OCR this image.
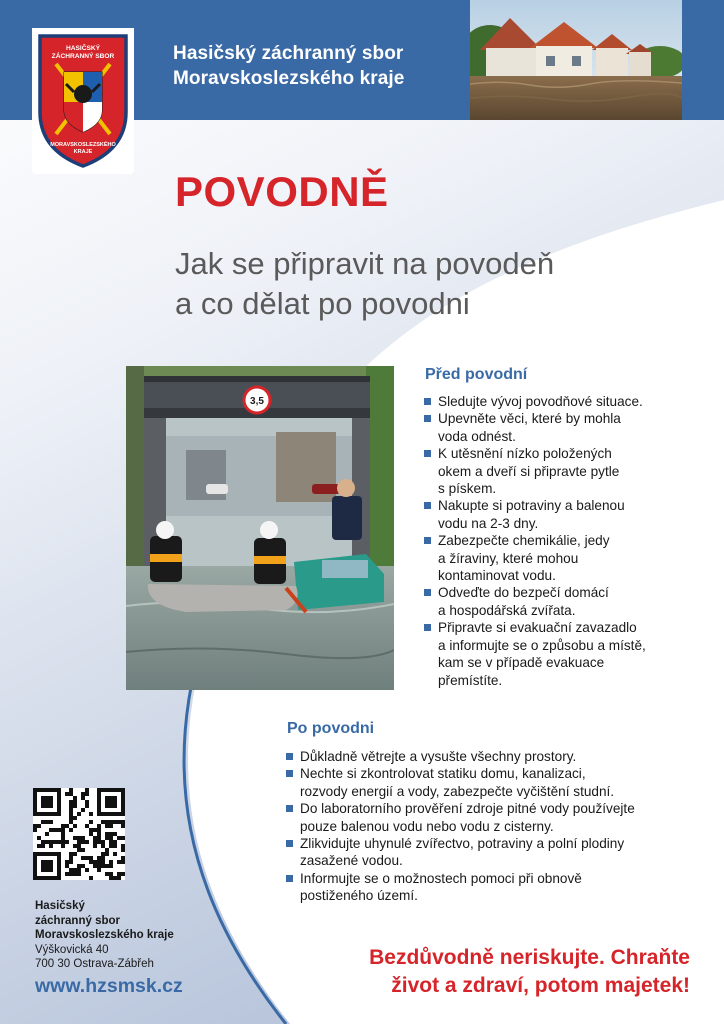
Hasičský záchranný sbor
Moravskoslezského kraje
HASIČSKÝ
ZÁCHRANNÝ SBOR
MORAVSKOSLEZSKÉHO
KRAJE
POVODNĚ
Jak se připravit na povodeň
a co dělat po povodni
3,5
Před povodní
Sledujte vývoj povodňové situace.
Upevněte věci, které by mohla
voda odnést.
K utěsnění nízko položených
okem a dveří si připravte pytle
s pískem.
Nakupte si potraviny a balenou
vodu na 2-3 dny.
Zabezpečte chemikálie, jedy
a žíraviny, které mohou
kontaminovat vodu.
Odveďte do bezpečí domácí
a hospodářská zvířata.
Připravte si evakuační zavazadlo
a informujte se o způsobu a místě,
kam se v případě evakuace
přemístíte.
Po povodni
Důkladně větrejte a vysušte všechny prostory.
Nechte si zkontrolovat statiku domu, kanalizaci,
rozvody energií a vody, zabezpečte vyčištění studní.
Do laboratorního prověření zdroje pitné vody používejte
pouze balenou vodu nebo vodu z cisterny.
Zlikvidujte uhynulé zvířectvo, potraviny a polní plodiny
zasažené vodou.
Informujte se o možnostech pomoci při obnově
postiženého území.
Hasičský
záchranný sbor
Moravskoslezského kraje
Výškovická 40
700 30 Ostrava-Zábřeh
www.hzsmsk.cz
Bezdůvodně neriskujte. Chraňte
život a zdraví, potom majetek!
